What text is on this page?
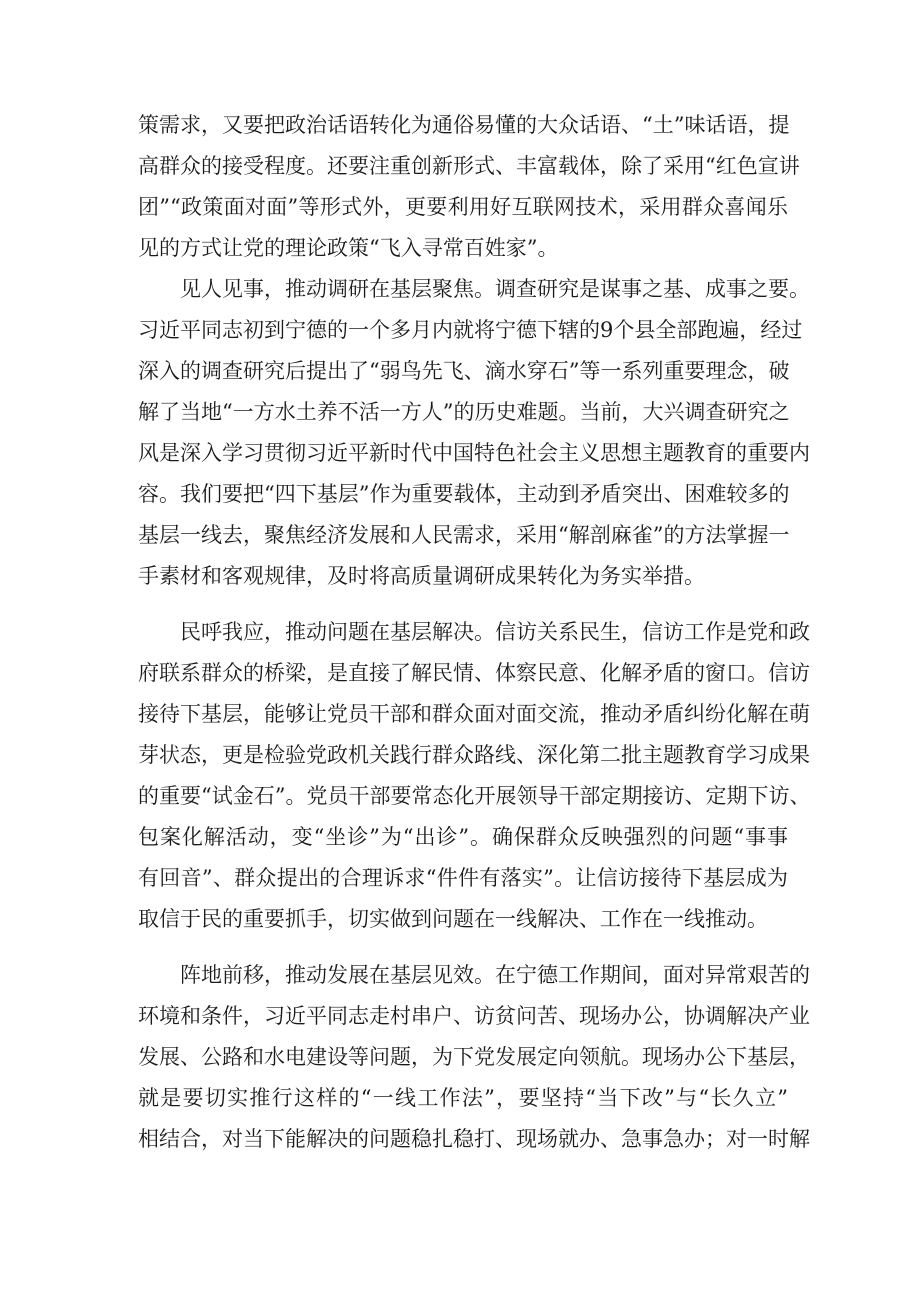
策需求，又要把政治话语转化为通俗易懂的大众话语、“土”味话语，提
高群众的接受程度。还要注重创新形式、丰富载体，除了采用“红色宣讲
团”“政策面对面”等形式外，更要利用好互联网技术，采用群众喜闻乐
见的方式让党的理论政策“飞入寻常百姓家”。
见人见事，推动调研在基层聚焦。调查研究是谋事之基、成事之要。
习近平同志初到宁德的一个多月内就将宁德下辖的9个县全部跑遍，经过
深入的调查研究后提出了“弱鸟先飞、滴水穿石”等一系列重要理念，破
解了当地“一方水土养不活一方人”的历史难题。当前，大兴调查研究之
风是深入学习贯彻习近平新时代中国特色社会主义思想主题教育的重要内
容。我们要把“四下基层”作为重要载体，主动到矛盾突出、困难较多的
基层一线去，聚焦经济发展和人民需求，采用“解剖麻雀”的方法掌握一
手素材和客观规律，及时将高质量调研成果转化为务实举措。
民呼我应，推动问题在基层解决。信访关系民生，信访工作是党和政
府联系群众的桥梁，是直接了解民情、体察民意、化解矛盾的窗口。信访
接待下基层，能够让党员干部和群众面对面交流，推动矛盾纠纷化解在萌
芽状态，更是检验党政机关践行群众路线、深化第二批主题教育学习成果
的重要“试金石”。党员干部要常态化开展领导干部定期接访、定期下访、
包案化解活动，变“坐诊”为“出诊”。确保群众反映强烈的问题“事事
有回音”、群众提出的合理诉求“件件有落实”。让信访接待下基层成为
取信于民的重要抓手，切实做到问题在一线解决、工作在一线推动。
阵地前移，推动发展在基层见效。在宁德工作期间，面对异常艰苦的
环境和条件，习近平同志走村串户、访贫问苦、现场办公，协调解决产业
发展、公路和水电建设等问题，为下党发展定向领航。现场办公下基层，
就是要切实推行这样的“一线工作法”，要坚持“当下改”与“长久立”
相结合，对当下能解决的问题稳扎稳打、现场就办、急事急办；对一时解
